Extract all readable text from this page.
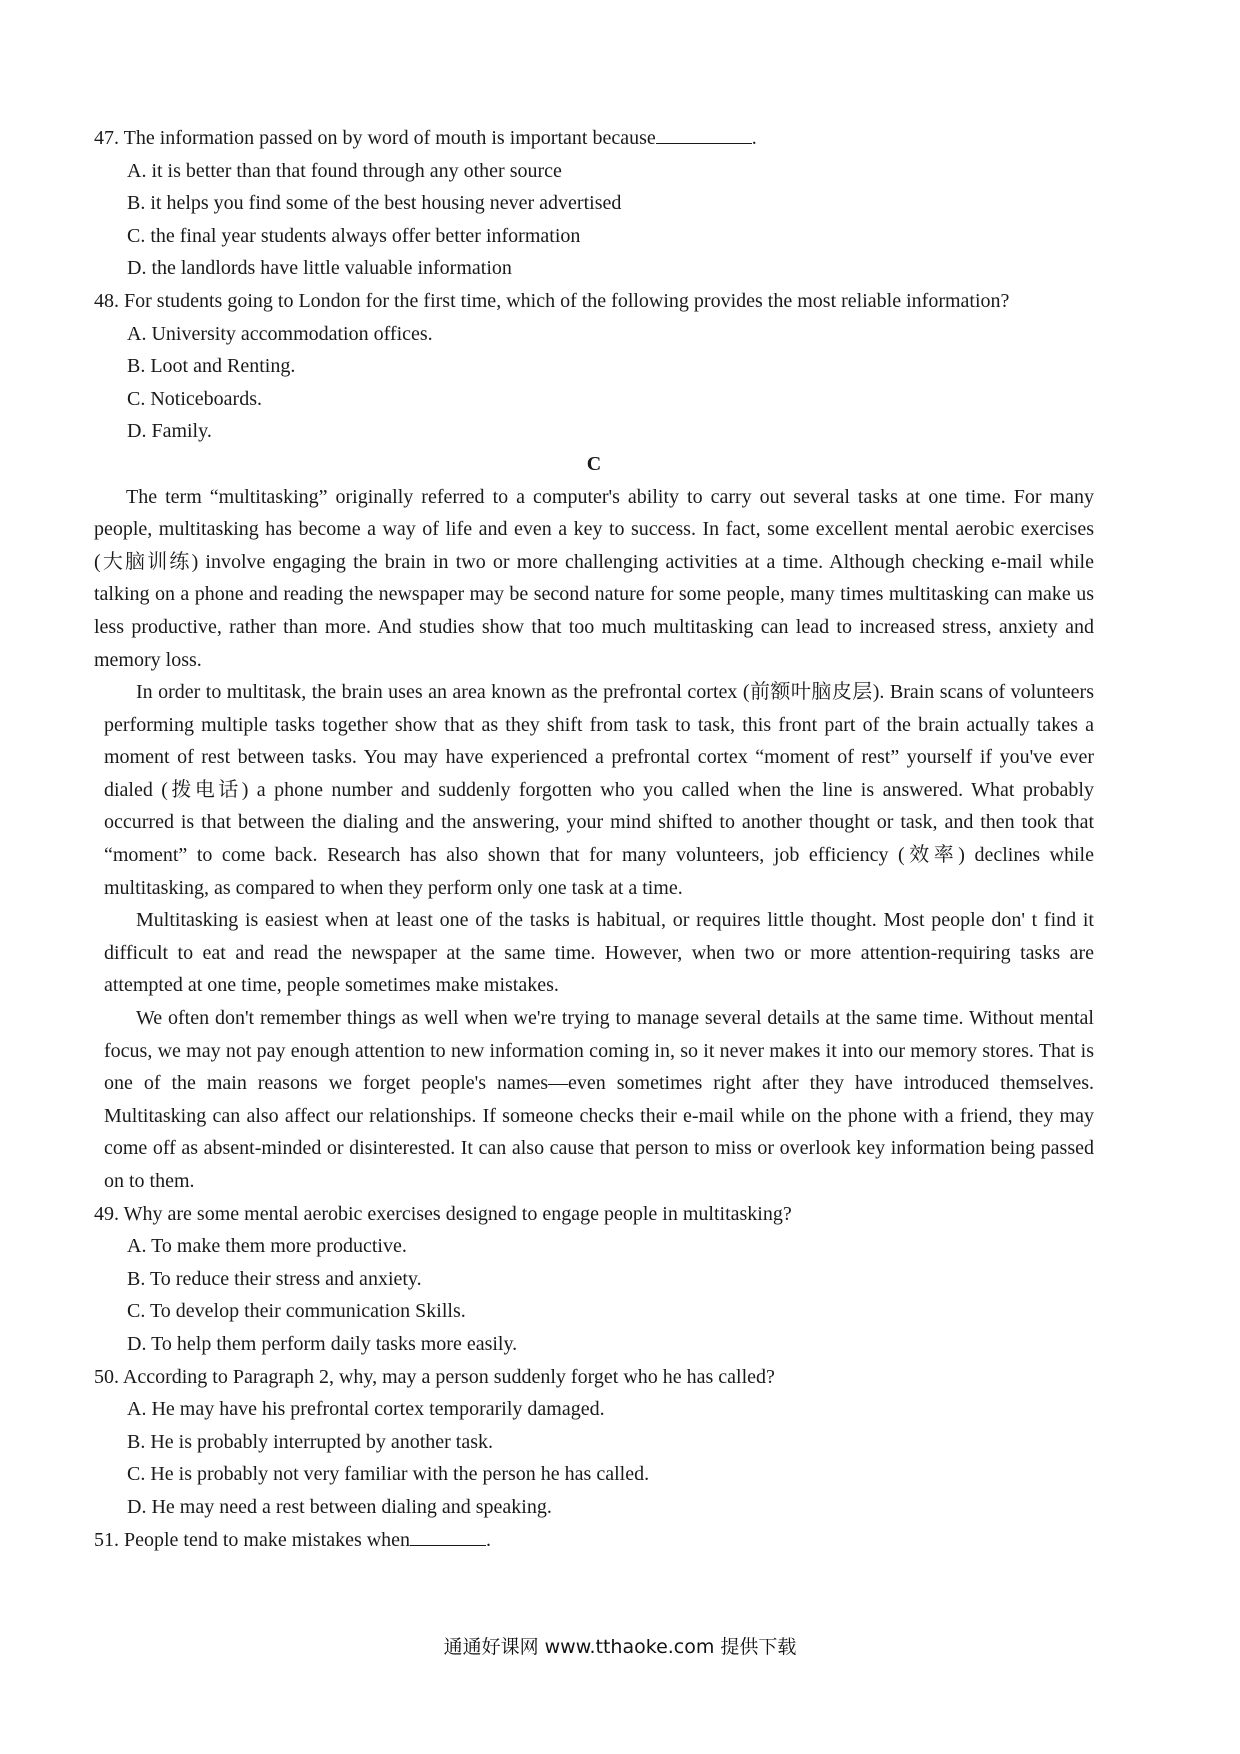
47. The information passed on by word of mouth is important because	.

A. it is better than that found through any other source

B. it helps you find some of the best housing never advertised

C. the final year students always offer better information

D. the landlords have little valuable information

48. For students going to London for the first time, which of the following provides the most reliable information?

A. University accommodation offices.

B. Loot and Renting.

C. Noticeboards.

D. Family.

C

The term “multitasking” originally referred to a computer's ability to carry out several tasks at one time. For many people, multitasking has become a way of life and even a key to success. In fact, some excellent mental aerobic exercises (大脑训练) involve engaging the brain in two or more challenging activities at a time. Although checking e-mail while talking on a phone and reading the newspaper may be second nature for some people, many times multitasking can make us less productive, rather than more. And studies show that too much multitasking can lead to increased stress, anxiety and memory loss.

In order to multitask, the brain uses an area known as the prefrontal cortex (前额叶脑皮层). Brain scans of volunteers performing multiple tasks together show that as they shift from task to task, this front part of the brain actually takes a moment of rest between tasks. You may have experienced a prefrontal cortex “moment of rest” yourself if you've ever dialed (拨电话) a phone number and suddenly forgotten who you called when the line is answered. What probably occurred is that between the dialing and the answering, your mind shifted to another thought or task, and then took that “moment” to come back. Research has also shown that for many volunteers, job efficiency (效率) declines while multitasking, as compared to when they perform only one task at a time.

Multitasking is easiest when at least one of the tasks is habitual, or requires little thought. Most people don' t find it difficult to eat and read the newspaper at the same time. However, when two or more attention-requiring tasks are attempted at one time, people sometimes make mistakes.

We often don't remember things as well when we're trying to manage several details at the same time. Without mental focus, we may not pay enough attention to new information coming in, so it never makes it into our memory stores. That is one of the main reasons we forget people's names—even sometimes right after they have introduced themselves. Multitasking can also affect our relationships. If someone checks their e-mail while on the phone with a friend, they may come off as absent-minded or disinterested. It can also cause that person to miss or overlook key information being passed on to them.

49. Why are some mental aerobic exercises designed to engage people in multitasking?

A. To make them more productive.

B. To reduce their stress and anxiety.

C. To develop their communication Skills.

D. To help them perform daily tasks more easily.

50. According to Paragraph 2, why, may a person suddenly forget who he has called?

A. He may have his prefrontal cortex temporarily damaged.

B. He is probably interrupted by another task.

C. He is probably not very familiar with the person he has called.

D. He may need a rest between dialing and speaking.

51. People tend to make mistakes when	.

通通好课网 www.tthaoke.com 提供下载
